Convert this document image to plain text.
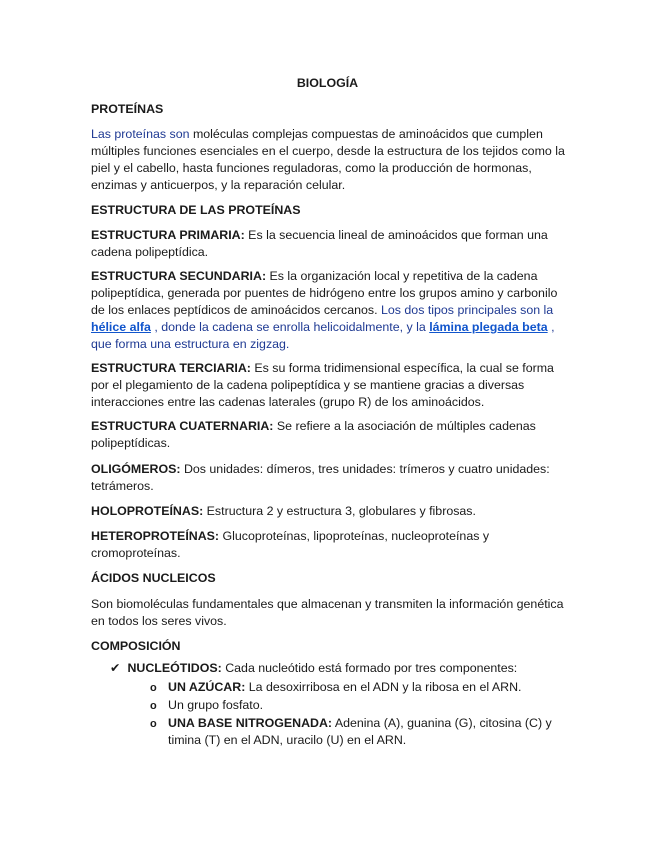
BIOLOGÍA
PROTEÍNAS
Las proteínas son moléculas complejas compuestas de aminoácidos que cumplen múltiples funciones esenciales en el cuerpo, desde la estructura de los tejidos como la piel y el cabello, hasta funciones reguladoras, como la producción de hormonas, enzimas y anticuerpos, y la reparación celular.
ESTRUCTURA DE LAS PROTEÍNAS
ESTRUCTURA PRIMARIA: Es la secuencia lineal de aminoácidos que forman una cadena polipeptídica.
ESTRUCTURA SECUNDARIA: Es la organización local y repetitiva de la cadena polipeptídica, generada por puentes de hidrógeno entre los grupos amino y carbonilo de los enlaces peptídicos de aminoácidos cercanos. Los dos tipos principales son la hélice alfa , donde la cadena se enrolla helicoidalmente, y la lámina plegada beta , que forma una estructura en zigzag.
ESTRUCTURA TERCIARIA: Es su forma tridimensional específica, la cual se forma por el plegamiento de la cadena polipeptídica y se mantiene gracias a diversas interacciones entre las cadenas laterales (grupo R) de los aminoácidos.
ESTRUCTURA CUATERNARIA: Se refiere a la asociación de múltiples cadenas polipeptídicas.
OLIGÓMEROS: Dos unidades: dímeros, tres unidades: trímeros y cuatro unidades: tetrámeros.
HOLOPROTEÍNAS: Estructura 2 y estructura 3, globulares y fibrosas.
HETEROPROTEÍNAS: Glucoproteínas, lipoproteínas, nucleoproteínas y cromoproteínas.
ÁCIDOS NUCLEICOS
Son biomoléculas fundamentales que almacenan y transmiten la información genética en todos los seres vivos.
COMPOSICIÓN
✔ NUCLEÓTIDOS: Cada nucleótido está formado por tres componentes:
o UN AZÚCAR: La desoxirribosa en el ADN y la ribosa en el ARN.
o Un grupo fosfato.
o UNA BASE NITROGENADA: Adenina (A), guanina (G), citosina (C) y timina (T) en el ADN, uracilo (U) en el ARN.
